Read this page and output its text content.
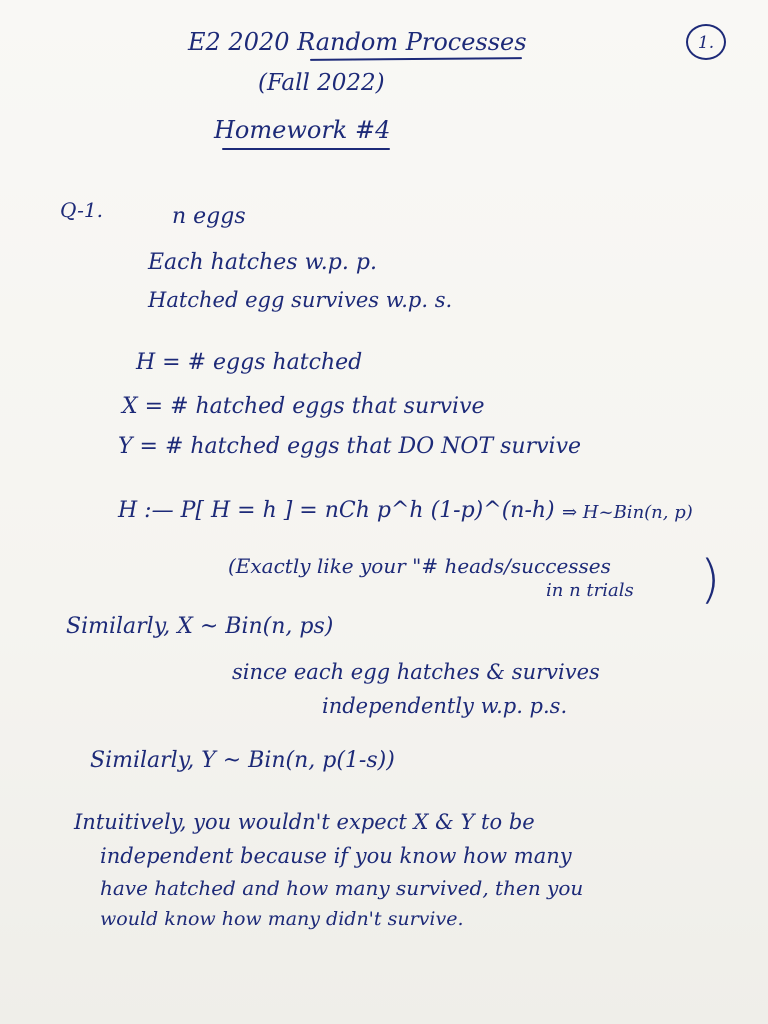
E2 2020 Random Processes
(Fall 2022)
Homework #4
1.
Q-1.	n eggs
Each hatches w.p. p.
Hatched egg survives w.p. s.
H = # eggs hatched
X = # hatched eggs that survive
Y = # hatched eggs that DO NOT survive
H :— P[ H = h ] = nCh p^h (1-p)^(n-h) ⇒ H~Bin(n, p)
(Exactly like your "# heads/successes
in n trials )
Similarly, X ~ Bin(n, ps)
since each egg hatches & survives
independently w.p. p.s.
Similarly, Y ~ Bin(n, p(1-s))
Intuitively, you wouldn't expect X & Y to be
independent because if you know how many
have hatched and how many survived, then you
would know how many didn't survive.
